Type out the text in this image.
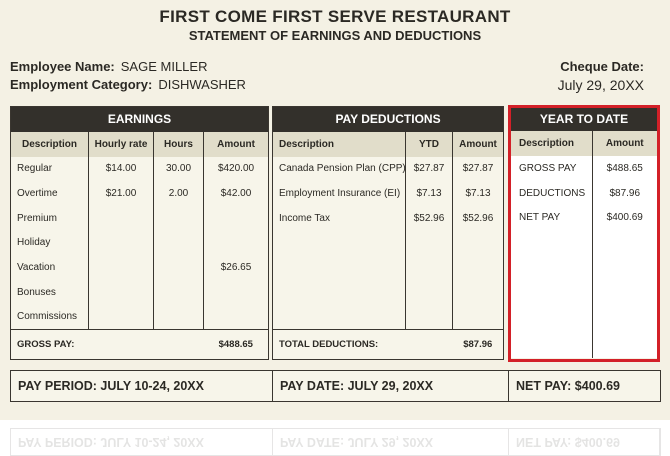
FIRST COME FIRST SERVE RESTAURANT
STATEMENT OF EARNINGS AND DEDUCTIONS
Employee Name: SAGE MILLER
Employment Category: DISHWASHER
Cheque Date:
July 29, 20XX
EARNINGS			
Description	Hourly rate	Hours	Amount
Regular	$14.00	30.00	$420.00
Overtime	$21.00	2.00	$42.00
Premium			
Holiday			
Vacation			$26.65
Bonuses			
Commissions			
GROSS PAY:			$488.65
PAY DEDUCTIONS		
Description	YTD	Amount
Canada Pension Plan (CPP)	$27.87	$27.87
Employment Insurance (EI)	$7.13	$7.13
Income Tax	$52.96	$52.96

TOTAL DEDUCTIONS:		$87.96
YEAR TO DATE	
Description	Amount
GROSS PAY	$488.65
DEDUCTIONS	$87.96
NET PAY	$400.69

PAY PERIOD: JULY 10-24, 20XX	PAY DATE: JULY 29, 20XX	NET PAY: $400.69
PAY PERIOD: JULY 10-24, 20XX	PAY DATE: JULY 29, 20XX	NET PAY: $400.69
